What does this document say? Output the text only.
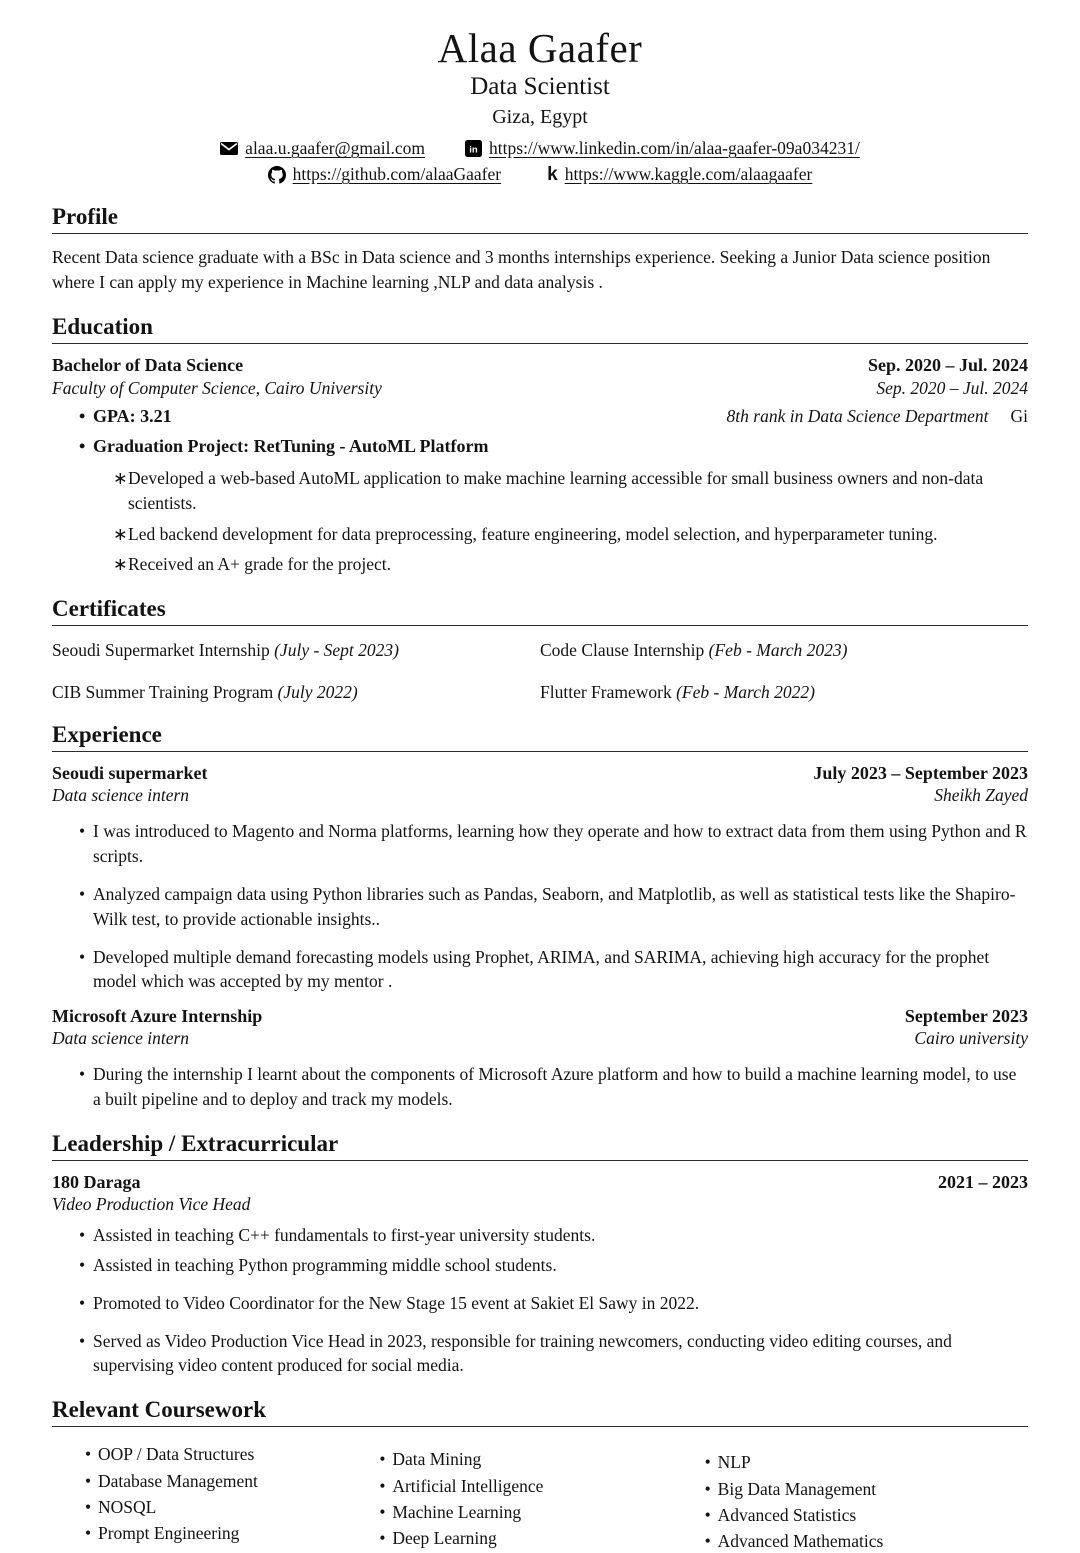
Alaa Gaafer
Data Scientist
Giza, Egypt
alaa.u.gaafer@gmail.com	in https://www.linkedin.com/in/alaa-gaafer-09a034231/
https://github.com/alaaGaafer k https://www.kaggle.com/alaagaafer
Profile
Recent Data science graduate with a BSc in Data science and 3 months internships experience. Seeking a Junior Data science position where I can apply my experience in Machine learning ,NLP and data analysis .
Education
Bachelor of Data Science	Sep. 2020 – Jul. 2024
Faculty of Computer Science, Cairo University	Sep. 2020 – Jul. 2024
• GPA: 3.21	8th rank in Data Science Department Gi
• Graduation Project: RetTuning - AutoML Platform
∗ Developed a web-based AutoML application to make machine learning accessible for small business owners and non-data scientists.
∗ Led backend development for data preprocessing, feature engineering, model selection, and hyperparameter tuning.
∗ Received an A+ grade for the project.
Certificates
Seoudi Supermarket Internship (July - Sept 2023)	Code Clause Internship (Feb - March 2023)
CIB Summer Training Program (July 2022)	Flutter Framework (Feb - March 2022)
Experience
Seoudi supermarket	July 2023 – September 2023
Data science intern	Sheikh Zayed
• I was introduced to Magento and Norma platforms, learning how they operate and how to extract data from them using Python and R scripts.
• Analyzed campaign data using Python libraries such as Pandas, Seaborn, and Matplotlib, as well as statistical tests like the Shapiro-Wilk test, to provide actionable insights..
• Developed multiple demand forecasting models using Prophet, ARIMA, and SARIMA, achieving high accuracy for the prophet model which was accepted by my mentor .
Microsoft Azure Internship	September 2023
Data science intern	Cairo university
• During the internship I learnt about the components of Microsoft Azure platform and how to build a machine learning model, to use a built pipeline and to deploy and track my models.
Leadership / Extracurricular
180 Daraga	2021 – 2023
Video Production Vice Head
• Assisted in teaching C++ fundamentals to first-year university students.
• Assisted in teaching Python programming middle school students.
• Promoted to Video Coordinator for the New Stage 15 event at Sakiet El Sawy in 2022.
• Served as Video Production Vice Head in 2023, responsible for training newcomers, conducting video editing courses, and supervising video content produced for social media.
Relevant Coursework
• OOP / Data Structures
• Database Management
• NOSQL
• Prompt Engineering
• Data Mining
• Artificial Intelligence
• Machine Learning
• Deep Learning
• NLP
• Big Data Management
• Advanced Statistics
• Advanced Mathematics
